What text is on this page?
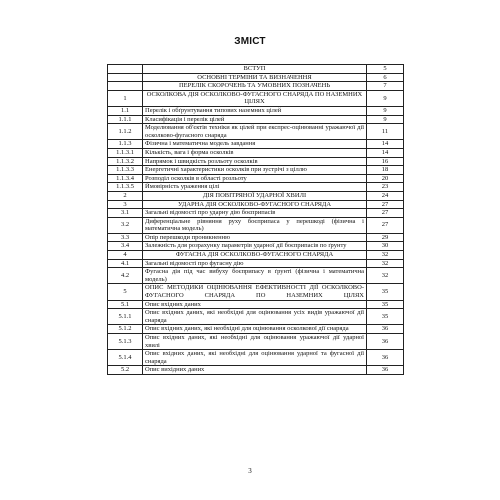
ЗМІСТ
	ВСТУП	5
	ОСНОВНІ ТЕРМІНИ ТА ВИЗНАЧЕННЯ	6
	ПЕРЕЛІК СКОРОЧЕНЬ ТА УМОВНИХ ПОЗНАЧЕНЬ	7
1	ОСКОЛКОВА ДІЯ ОСКОЛКОВО-ФУГАСНОГО СНАРЯДА ПО НАЗЕМНИХ ЦІЛЯХ	9
1.1	Перелік і обґрунтування типових наземних цілей	9
1.1.1	Класифікація і перелік цілей	9
1.1.2	Моделювання об'єктів техніки як цілей при експрес-оцінюванні уражаючої дії осколково-фугасного снаряда	11
1.1.3	Фізична і математична модель завдання	14
1.1.3.1	Кількість, вага і форма осколків	14
1.1.3.2	Напрямок і швидкість розльоту осколків	16
1.1.3.3	Енергетичні характеристики осколків при зустрічі з ціллю	18
1.1.3.4	Розподіл осколків в області розльоту	20
1.1.3.5	Ймовірність ураження цілі	23
2	ДІЯ ПОВІТРЯНОЇ УДАРНОЇ ХВИЛІ	24
3	УДАРНА ДІЯ ОСКОЛКОВО-ФУГАСНОГО СНАРЯДА	27
3.1	Загальні відомості про ударну дію боєприпасів	27
3.2	Диференціальне рівняння руху боєприпаса у перешкоді (фізична і математична модель)	27
3.3	Опір перешкоди проникненню	29
3.4	Залежність для розрахунку параметрів ударної дії боєприпасів по ґрунту	30
4	ФУГАСНА ДІЯ ОСКОЛКОВО-ФУГАСНОГО СНАРЯДА	32
4.1	Загальні відомості про фугасну дію	32
4.2	Фугасна дія під час вибуху боєприпасу в ґрунті (фізична і математична модель)	32
5	ОПИС МЕТОДИКИ ОЦІНЮВАННЯ ЕФЕКТИВНОСТІ ДІЇ ОСКОЛКОВО-ФУГАСНОГО СНАРЯДА ПО НАЗЕМНИХ ЦІЛЯХ	35
5.1	Опис вхідних даних	35
5.1.1	Опис вхідних даних, які необхідні для оцінювання усіх видів уражаючої дії снаряда	35
5.1.2	Опис вхідних даних, які необхідні для оцінювання осколкової дії снаряда	36
5.1.3	Опис вхідних даних, які необхідні для оцінювання уражаючої дії ударної хвилі	36
5.1.4	Опис вхідних даних, які необхідні для оцінювання ударної та фугасної дії снаряда	36
5.2	Опис вихідних даних	36
3
